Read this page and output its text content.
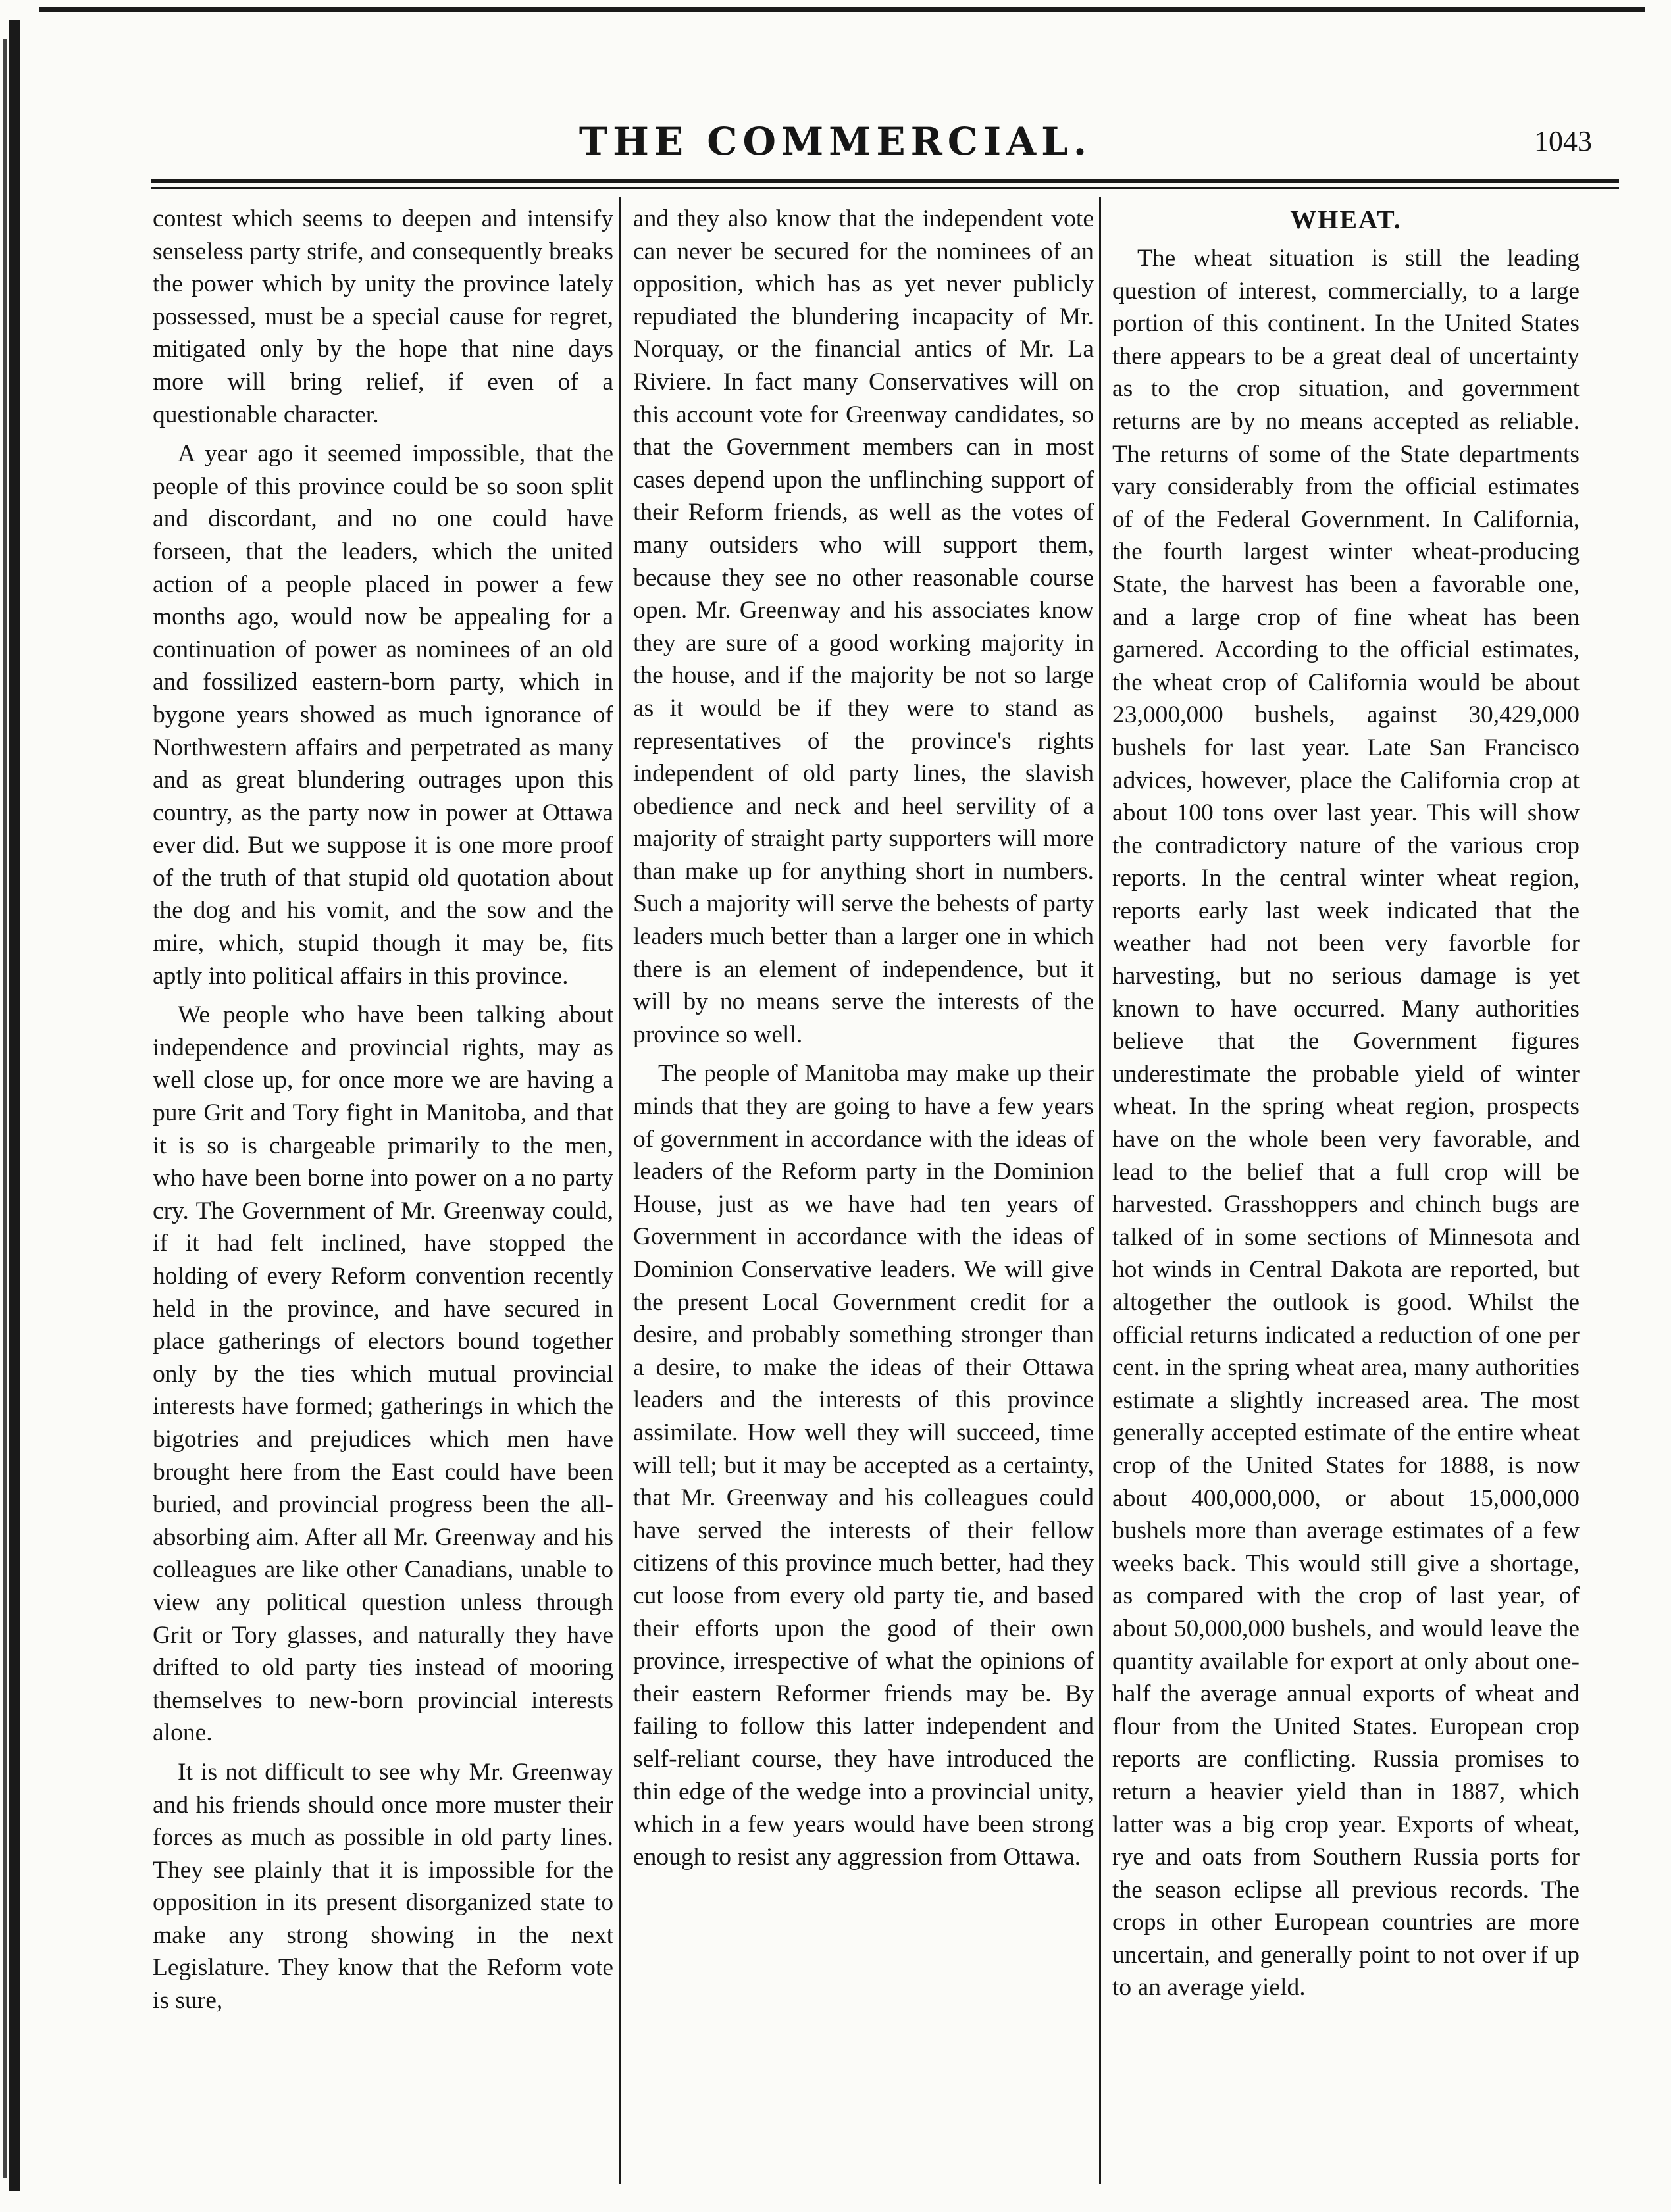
THE COMMERCIAL.	1043

contest which seems to deepen and intensify senseless party strife, and consequently breaks the power which by unity the province lately possessed, must be a special cause for regret, mitigated only by the hope that nine days more will bring relief, if even of a questionable character.

A year ago it seemed impossible, that the people of this province could be so soon split and discordant, and no one could have forseen, that the leaders, which the united action of a people placed in power a few months ago, would now be appealing for a continuation of power as nominees of an old and fossilized eastern-born party, which in bygone years showed as much ignorance of Northwestern affairs and perpetrated as many and as great blundering outrages upon this country, as the party now in power at Ottawa ever did. But we suppose it is one more proof of the truth of that stupid old quotation about the dog and his vomit, and the sow and the mire, which, stupid though it may be, fits aptly into political affairs in this province.

We people who have been talking about independence and provincial rights, may as well close up, for once more we are having a pure Grit and Tory fight in Manitoba, and that it is so is chargeable primarily to the men, who have been borne into power on a no party cry. The Government of Mr. Greenway could, if it had felt inclined, have stopped the holding of every Reform convention recently held in the province, and have secured in place gatherings of electors bound together only by the ties which mutual provincial interests have formed; gatherings in which the bigotries and prejudices which men have brought here from the East could have been buried, and provincial progress been the all-absorbing aim. After all Mr. Greenway and his colleagues are like other Canadians, unable to view any political question unless through Grit or Tory glasses, and naturally they have drifted to old party ties instead of mooring themselves to new-born provincial interests alone.

It is not difficult to see why Mr. Greenway and his friends should once more muster their forces as much as possible in old party lines. They see plainly that it is impossible for the opposition in its present disorganized state to make any strong showing in the next Legislature. They know that the Reform vote is sure,

and they also know that the independent vote can never be secured for the nominees of an opposition, which has as yet never publicly repudiated the blundering incapacity of Mr. Norquay, or the financial antics of Mr. La Riviere. In fact many Conservatives will on this account vote for Greenway candidates, so that the Government members can in most cases depend upon the unflinching support of their Reform friends, as well as the votes of many outsiders who will support them, because they see no other reasonable course open. Mr. Greenway and his associates know they are sure of a good working majority in the house, and if the majority be not so large as it would be if they were to stand as representatives of the province's rights independent of old party lines, the slavish obedience and neck and heel servility of a majority of straight party supporters will more than make up for anything short in numbers. Such a majority will serve the behests of party leaders much better than a larger one in which there is an element of independence, but it will by no means serve the interests of the province so well.

The people of Manitoba may make up their minds that they are going to have a few years of government in accordance with the ideas of leaders of the Reform party in the Dominion House, just as we have had ten years of Government in accordance with the ideas of Dominion Conservative leaders. We will give the present Local Government credit for a desire, and probably something stronger than a desire, to make the ideas of their Ottawa leaders and the interests of this province assimilate. How well they will succeed, time will tell; but it may be accepted as a certainty, that Mr. Greenway and his colleagues could have served the interests of their fellow citizens of this province much better, had they cut loose from every old party tie, and based their efforts upon the good of their own province, irrespective of what the opinions of their eastern Reformer friends may be. By failing to follow this latter independent and self-reliant course, they have introduced the thin edge of the wedge into a provincial unity, which in a few years would have been strong enough to resist any aggression from Ottawa.

WHEAT.

The wheat situation is still the leading question of interest, commercially, to a large portion of this continent. In the United States there appears to be a great deal of uncertainty as to the crop situation, and government returns are by no means accepted as reliable. The returns of some of the State departments vary considerably from the official estimates of of the Federal Government. In California, the fourth largest winter wheat-producing State, the harvest has been a favorable one, and a large crop of fine wheat has been garnered. According to the official estimates, the wheat crop of California would be about 23,000,000 bushels, against 30,429,000 bushels for last year. Late San Francisco advices, however, place the California crop at about 100 tons over last year. This will show the contradictory nature of the various crop reports. In the central winter wheat region, reports early last week indicated that the weather had not been very favorble for harvesting, but no serious damage is yet known to have occurred. Many authorities believe that the Government figures underestimate the probable yield of winter wheat. In the spring wheat region, prospects have on the whole been very favorable, and lead to the belief that a full crop will be harvested. Grasshoppers and chinch bugs are talked of in some sections of Minnesota and hot winds in Central Dakota are reported, but altogether the outlook is good. Whilst the official returns indicated a reduction of one per cent. in the spring wheat area, many authorities estimate a slightly increased area. The most generally accepted estimate of the entire wheat crop of the United States for 1888, is now about 400,000,000, or about 15,000,000 bushels more than average estimates of a few weeks back. This would still give a shortage, as compared with the crop of last year, of about 50,000,000 bushels, and would leave the quantity available for export at only about one-half the average annual exports of wheat and flour from the United States. European crop reports are conflicting. Russia promises to return a heavier yield than in 1887, which latter was a big crop year. Exports of wheat, rye and oats from Southern Russia ports for the season eclipse all previous records. The crops in other European countries are more uncertain, and generally point to not over if up to an average yield.
